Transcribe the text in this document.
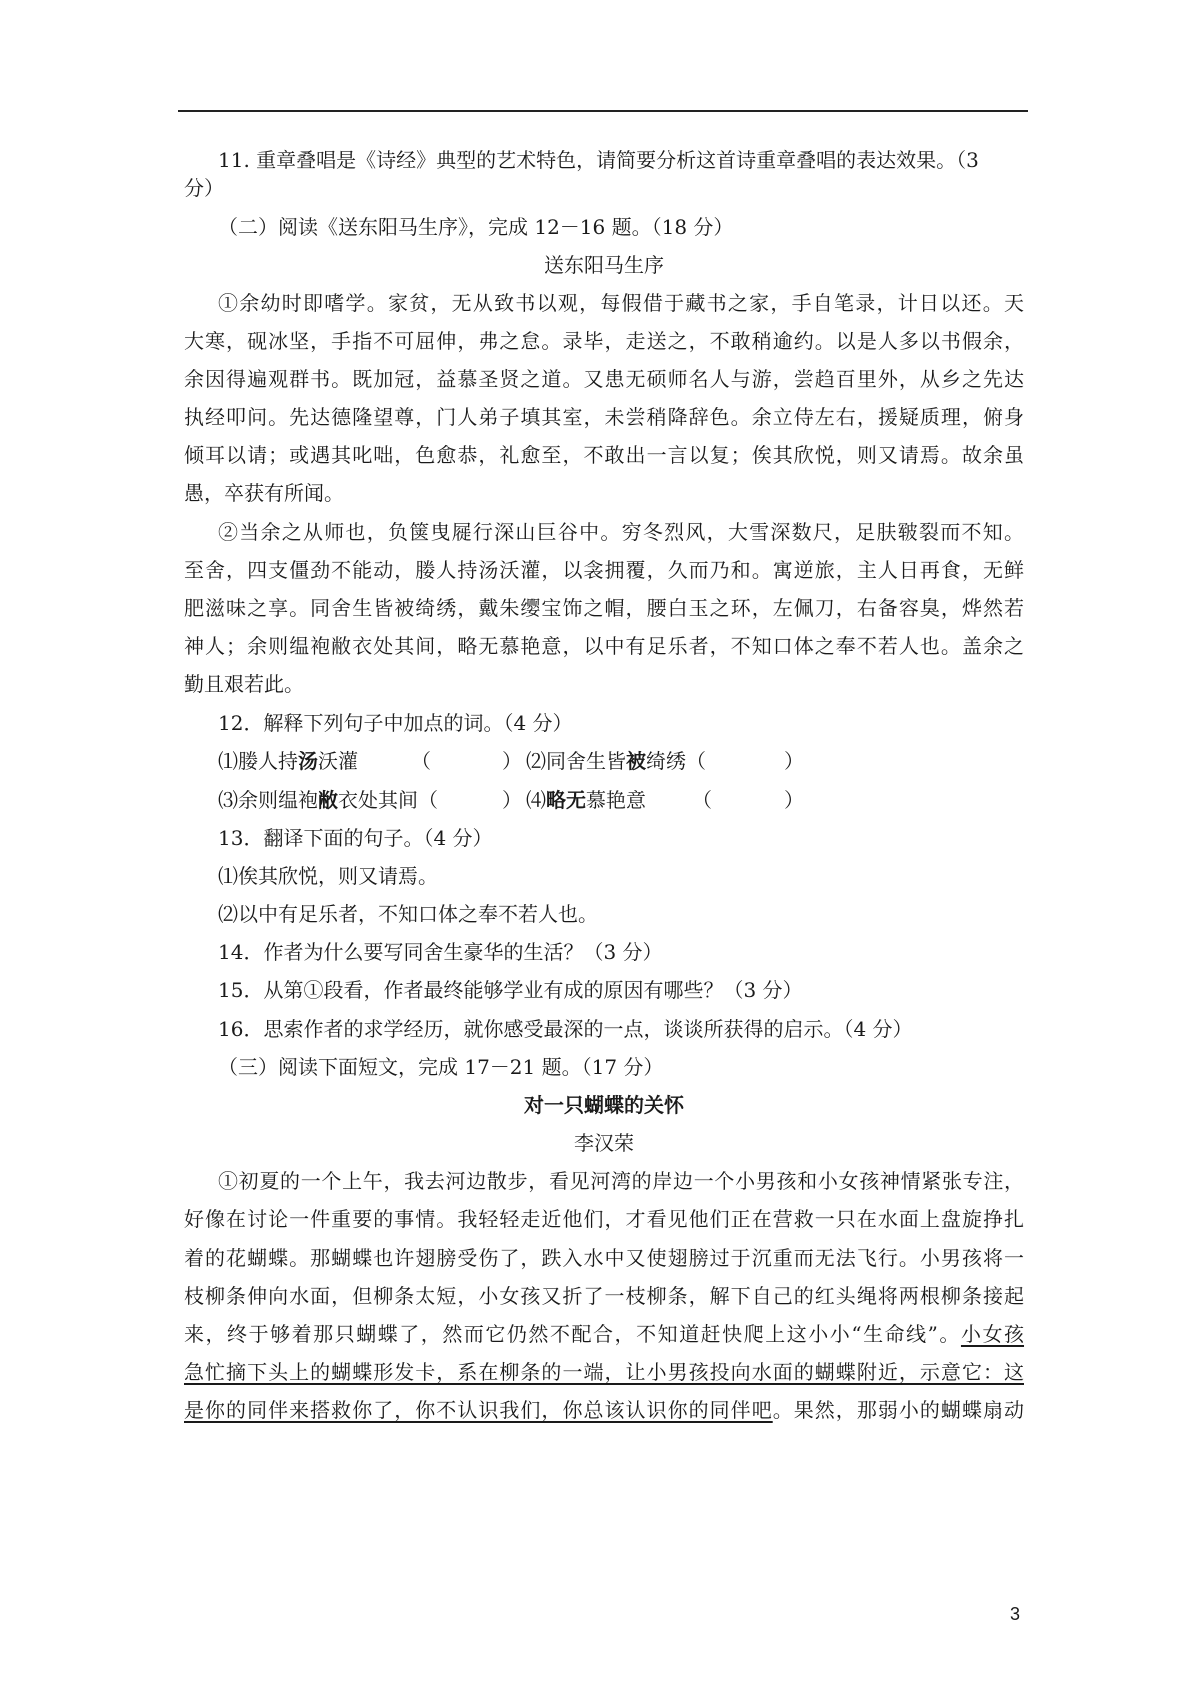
11. 重章叠唱是《诗经》典型的艺术特色，请简要分析这首诗重章叠唱的表达效果。（3
分）
（二）阅读《送东阳马生序》，完成 12－16 题。（18 分）
送东阳马生序
①余幼时即嗜学。家贫，无从致书以观，每假借于藏书之家，手自笔录，计日以还。天
大寒，砚冰坚，手指不可屈伸，弗之怠。录毕，走送之，不敢稍逾约。以是人多以书假余，
余因得遍观群书。既加冠，益慕圣贤之道。又患无硕师名人与游，尝趋百里外，从乡之先达
执经叩问。先达德隆望尊，门人弟子填其室，未尝稍降辞色。余立侍左右，援疑质理，俯身
倾耳以请；或遇其叱咄，色愈恭，礼愈至，不敢出一言以复；俟其欣悦，则又请焉。故余虽
愚，卒获有所闻。
②当余之从师也，负箧曳屣行深山巨谷中。穷冬烈风，大雪深数尺，足肤皲裂而不知。
至舍，四支僵劲不能动，媵人持汤沃灌，以衾拥覆，久而乃和。寓逆旅，主人日再食，无鲜
肥滋味之享。同舍生皆被绮绣，戴朱缨宝饰之帽，腰白玉之环，左佩刀，右备容臭，烨然若
神人；余则缊袍敝衣处其间，略无慕艳意，以中有足乐者，不知口体之奉不若人也。盖余之
勤且艰若此。
12．解释下列句子中加点的词。（4 分）
⑴媵人持汤沃灌	（	） ⑵同舍生皆被绮绣（	）
⑶余则缊袍敝衣处其间（	） ⑷略无慕艳意 （	）
13．翻译下面的句子。（4 分）
⑴俟其欣悦，则又请焉。
⑵以中有足乐者，不知口体之奉不若人也。
14．作者为什么要写同舍生豪华的生活？（3 分）
15．从第①段看，作者最终能够学业有成的原因有哪些？（3 分）
16．思索作者的求学经历，就你感受最深的一点，谈谈所获得的启示。（4 分）
（三）阅读下面短文，完成 17－21 题。（17 分）
对一只蝴蝶的关怀
李汉荣
①初夏的一个上午，我去河边散步，看见河湾的岸边一个小男孩和小女孩神情紧张专注，
好像在讨论一件重要的事情。我轻轻走近他们，才看见他们正在营救一只在水面上盘旋挣扎
着的花蝴蝶。那蝴蝶也许翅膀受伤了，跌入水中又使翅膀过于沉重而无法飞行。小男孩将一
枝柳条伸向水面，但柳条太短，小女孩又折了一枝柳条，解下自己的红头绳将两根柳条接起
来，终于够着那只蝴蝶了，然而它仍然不配合，不知道赶快爬上这小小“生命线”。小女孩
急忙摘下头上的蝴蝶形发卡，系在柳条的一端，让小男孩投向水面的蝴蝶附近，示意它：这
是你的同伴来搭救你了，你不认识我们，你总该认识你的同伴吧。果然，那弱小的蝴蝶扇动
3
